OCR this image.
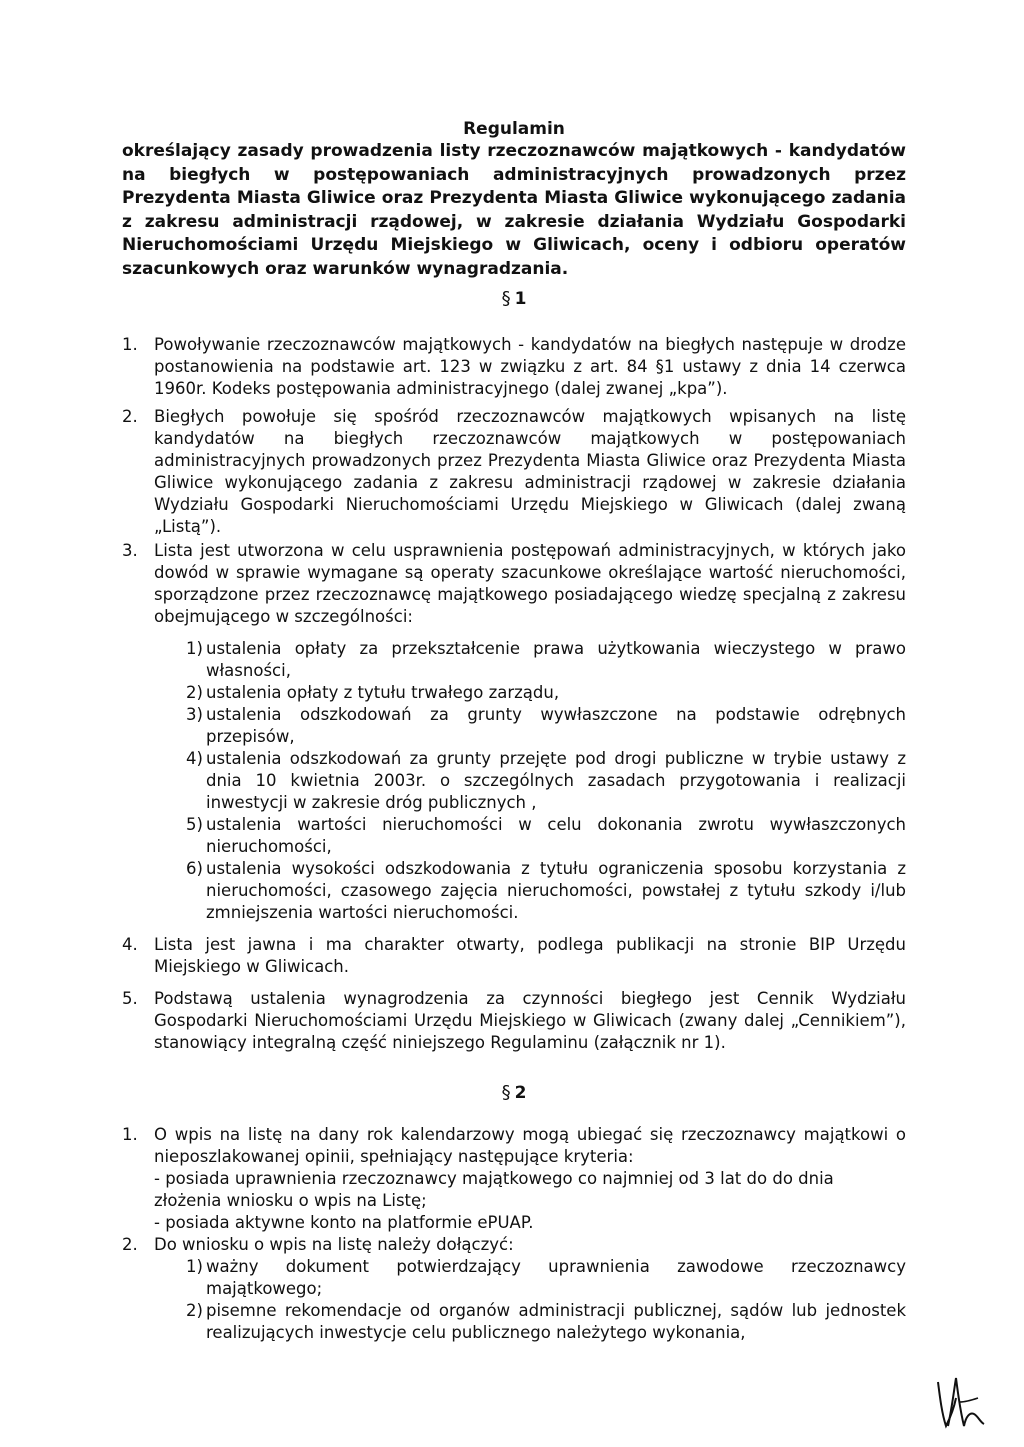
Regulamin
określający zasady prowadzenia listy rzeczoznawców majątkowych - kandydatów na biegłych w postępowaniach administracyjnych prowadzonych przez Prezydenta Miasta Gliwice oraz Prezydenta Miasta Gliwice wykonującego zadania z zakresu administracji rządowej, w zakresie działania Wydziału Gospodarki Nieruchomościami Urzędu Miejskiego w Gliwicach, oceny i odbioru operatów szacunkowych oraz warunków wynagradzania.
§ 1
1. Powoływanie rzeczoznawców majątkowych - kandydatów na biegłych następuje w drodze postanowienia na podstawie art. 123 w związku z art. 84 §1 ustawy z dnia 14 czerwca 1960r. Kodeks postępowania administracyjnego (dalej zwanej „kpa”).
2. Biegłych powołuje się spośród rzeczoznawców majątkowych wpisanych na listę kandydatów na biegłych rzeczoznawców majątkowych w postępowaniach administracyjnych prowadzonych przez Prezydenta Miasta Gliwice oraz Prezydenta Miasta Gliwice wykonującego zadania z zakresu administracji rządowej w zakresie działania Wydziału Gospodarki Nieruchomościami Urzędu Miejskiego w Gliwicach (dalej zwaną „Listą”).
3. Lista jest utworzona w celu usprawnienia postępowań administracyjnych, w których jako dowód w sprawie wymagane są operaty szacunkowe określające wartość nieruchomości, sporządzone przez rzeczoznawcę majątkowego posiadającego wiedzę specjalną z zakresu obejmującego w szczególności:
1) ustalenia opłaty za przekształcenie prawa użytkowania wieczystego w prawo własności,
2) ustalenia opłaty z tytułu trwałego zarządu,
3) ustalenia odszkodowań za grunty wywłaszczone na podstawie odrębnych przepisów,
4) ustalenia odszkodowań za grunty przejęte pod drogi publiczne w trybie ustawy z dnia 10 kwietnia 2003r. o szczególnych zasadach przygotowania i realizacji inwestycji w zakresie dróg publicznych ,
5) ustalenia wartości nieruchomości w celu dokonania zwrotu wywłaszczonych nieruchomości,
6) ustalenia wysokości odszkodowania z tytułu ograniczenia sposobu korzystania z nieruchomości, czasowego zajęcia nieruchomości, powstałej z tytułu szkody i/lub zmniejszenia wartości nieruchomości.
4. Lista jest jawna i ma charakter otwarty, podlega publikacji na stronie BIP Urzędu Miejskiego w Gliwicach.
5. Podstawą ustalenia wynagrodzenia za czynności biegłego jest Cennik Wydziału Gospodarki Nieruchomościami Urzędu Miejskiego w Gliwicach (zwany dalej „Cennikiem”), stanowiący integralną część niniejszego Regulaminu (załącznik nr 1).
§ 2
1. O wpis na listę na dany rok kalendarzowy mogą ubiegać się rzeczoznawcy majątkowi o nieposzlakowanej opinii, spełniający następujące kryteria:
- posiada uprawnienia rzeczoznawcy majątkowego co najmniej od 3 lat do do dnia złożenia wniosku o wpis na Listę;
- posiada aktywne konto na platformie ePUAP.
2. Do wniosku o wpis na listę należy dołączyć:
1) ważny dokument potwierdzający uprawnienia zawodowe rzeczoznawcy majątkowego;
2) pisemne rekomendacje od organów administracji publicznej, sądów lub jednostek realizujących inwestycje celu publicznego należytego wykonania,
